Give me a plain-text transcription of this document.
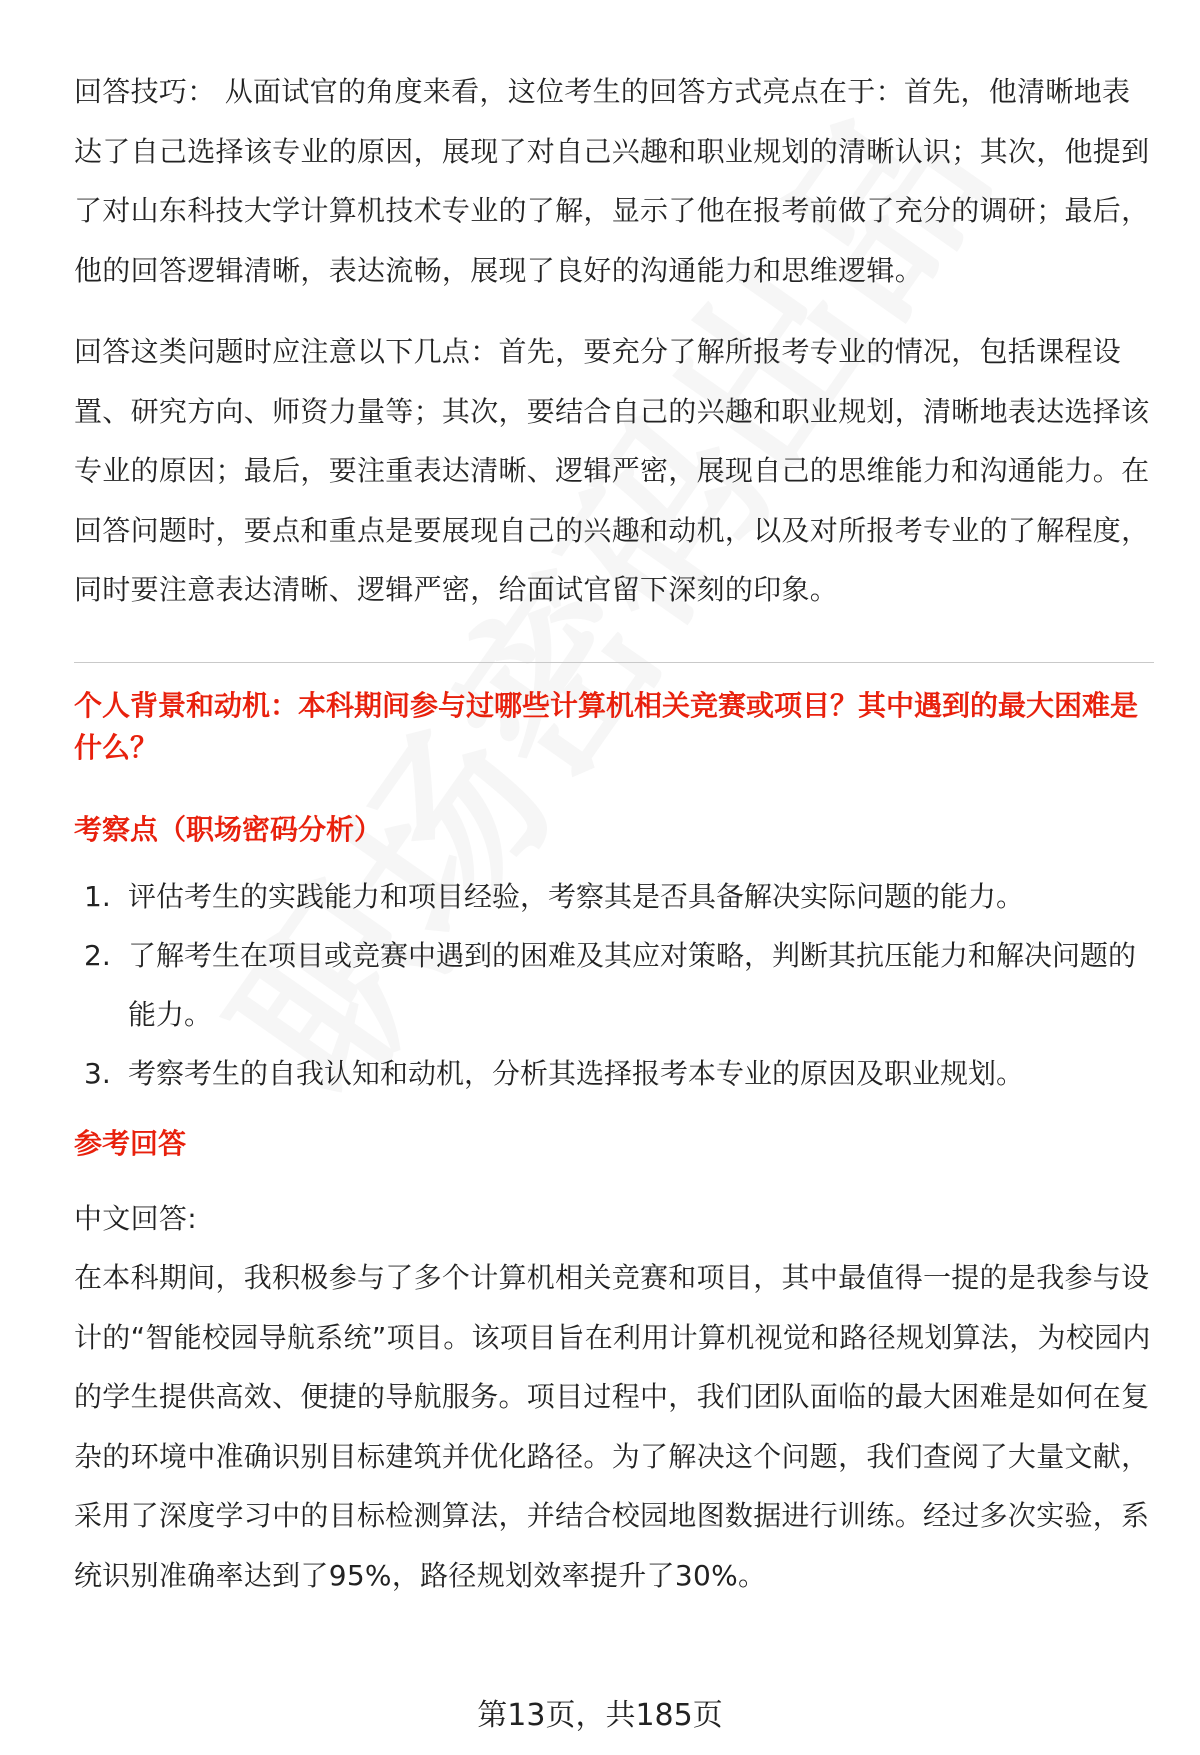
回答技巧： 从面试官的角度来看，这位考生的回答方式亮点在于：首先，他清晰地表达了自己选择该专业的原因，展现了对自己兴趣和职业规划的清晰认识；其次，他提到了对山东科技大学计算机技术专业的了解，显示了他在报考前做了充分的调研；最后，他的回答逻辑清晰，表达流畅，展现了良好的沟通能力和思维逻辑。

回答这类问题时应注意以下几点：首先，要充分了解所报考专业的情况，包括课程设置、研究方向、师资力量等；其次，要结合自己的兴趣和职业规划，清晰地表达选择该专业的原因；最后，要注重表达清晰、逻辑严密，展现自己的思维能力和沟通能力。在回答问题时，要点和重点是要展现自己的兴趣和动机，以及对所报考专业的了解程度，同时要注意表达清晰、逻辑严密，给面试官留下深刻的印象。

个人背景和动机：本科期间参与过哪些计算机相关竞赛或项目？其中遇到的最大困难是什么？
考察点（职场密码分析）
1. 评估考生的实践能力和项目经验，考察其是否具备解决实际问题的能力。
2. 了解考生在项目或竞赛中遇到的困难及其应对策略，判断其抗压能力和解决问题的能力。
3. 考察考生的自我认知和动机，分析其选择报考本专业的原因及职业规划。
参考回答

中文回答:

在本科期间，我积极参与了多个计算机相关竞赛和项目，其中最值得一提的是我参与设计的“智能校园导航系统”项目。该项目旨在利用计算机视觉和路径规划算法，为校园内的学生提供高效、便捷的导航服务。项目过程中，我们团队面临的最大困难是如何在复杂的环境中准确识别目标建筑并优化路径。为了解决这个问题，我们查阅了大量文献，采用了深度学习中的目标检测算法，并结合校园地图数据进行训练。经过多次实验，系统识别准确率达到了95%，路径规划效率提升了30%。

第13页，共185页
